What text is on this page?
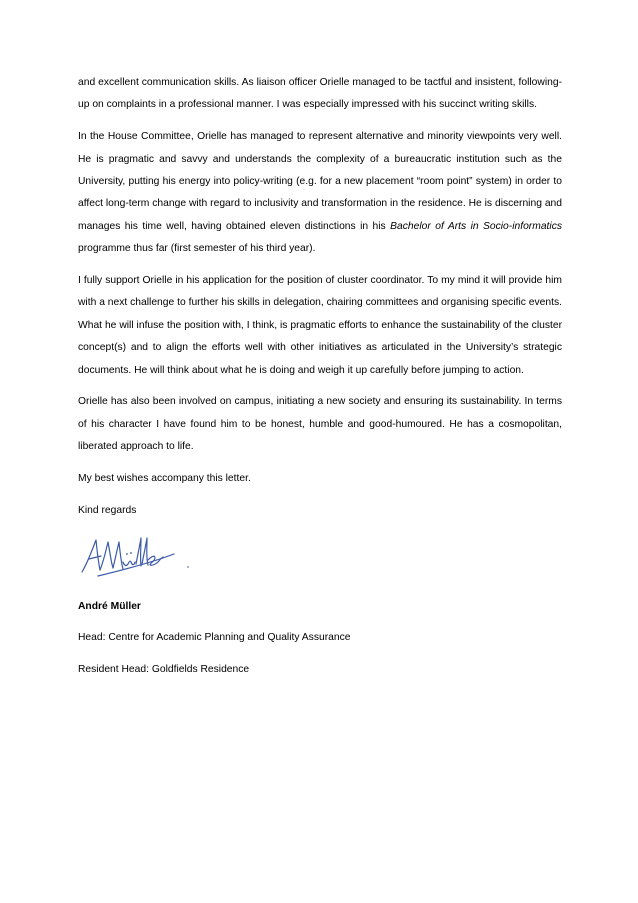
and excellent communication skills. As liaison officer Orielle managed to be tactful and insistent, following-up on complaints in a professional manner. I was especially impressed with his succinct writing skills.

In the House Committee, Orielle has managed to represent alternative and minority viewpoints very well. He is pragmatic and savvy and understands the complexity of a bureaucratic institution such as the University, putting his energy into policy-writing (e.g. for a new placement “room point” system) in order to affect long-term change with regard to inclusivity and transformation in the residence. He is discerning and manages his time well, having obtained eleven distinctions in his Bachelor of Arts in Socio-informatics programme thus far (first semester of his third year).

I fully support Orielle in his application for the position of cluster coordinator. To my mind it will provide him with a next challenge to further his skills in delegation, chairing committees and organising specific events. What he will infuse the position with, I think, is pragmatic efforts to enhance the sustainability of the cluster concept(s) and to align the efforts well with other initiatives as articulated in the University’s strategic documents. He will think about what he is doing and weigh it up carefully before jumping to action.

Orielle has also been involved on campus, initiating a new society and ensuring its sustainability. In terms of his character I have found him to be honest, humble and good-humoured. He has a cosmopolitan, liberated approach to life.

My best wishes accompany this letter.

Kind regards

André Müller

Head: Centre for Academic Planning and Quality Assurance

Resident Head: Goldfields Residence
